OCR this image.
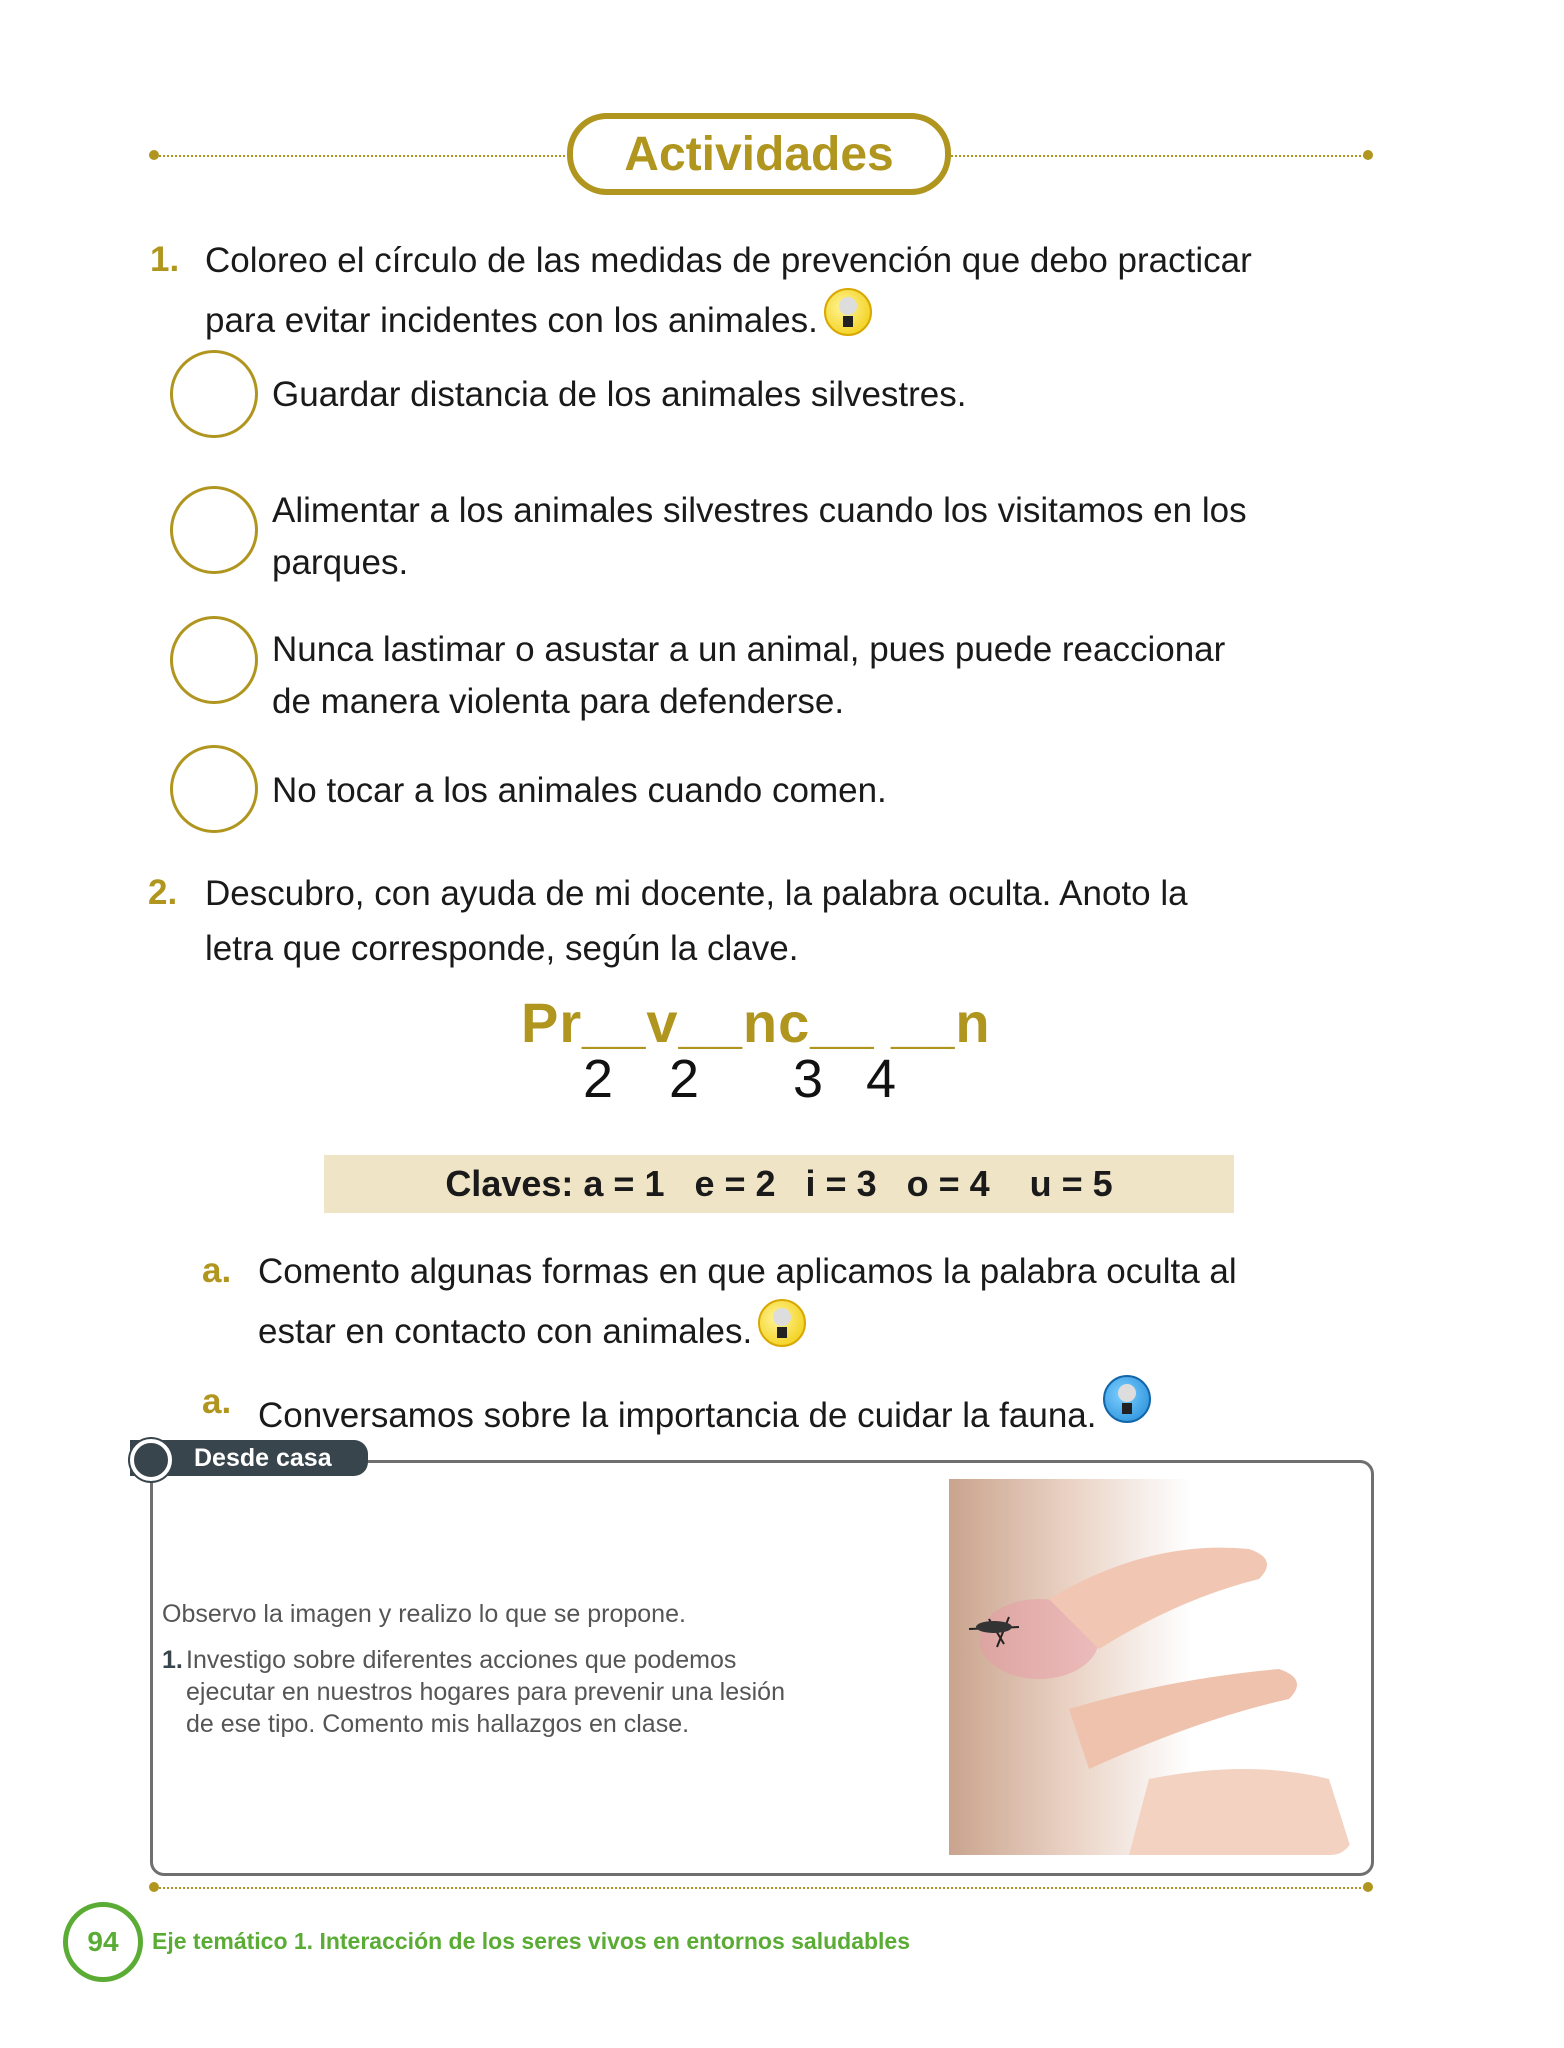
Actividades
1. Coloreo el círculo de las medidas de prevención que debo practicar
para evitar incidentes con los animales.
Guardar distancia de los animales silvestres.
Alimentar a los animales silvestres cuando los visitamos en los
parques.
Nunca lastimar o asustar a un animal, pues puede reaccionar
de manera violenta para defenderse.
No tocar a los animales cuando comen.
2. Descubro, con ayuda de mi docente, la palabra oculta. Anoto la
letra que corresponde, según la clave.
Pr__v__nc__ __n
2 2 3 4
Claves: a = 1   e = 2   i = 3   o = 4    u = 5
a. Comento algunas formas en que aplicamos la palabra oculta al
estar en contacto con animales.
a. Conversamos sobre la importancia de cuidar la fauna.
Desde casa
Observo la imagen y realizo lo que se propone.
1. Investigo sobre diferentes acciones que podemos
ejecutar en nuestros hogares para prevenir una lesión
de ese tipo. Comento mis hallazgos en clase.
94	Eje temático 1. Interacción de los seres vivos en entornos saludables
